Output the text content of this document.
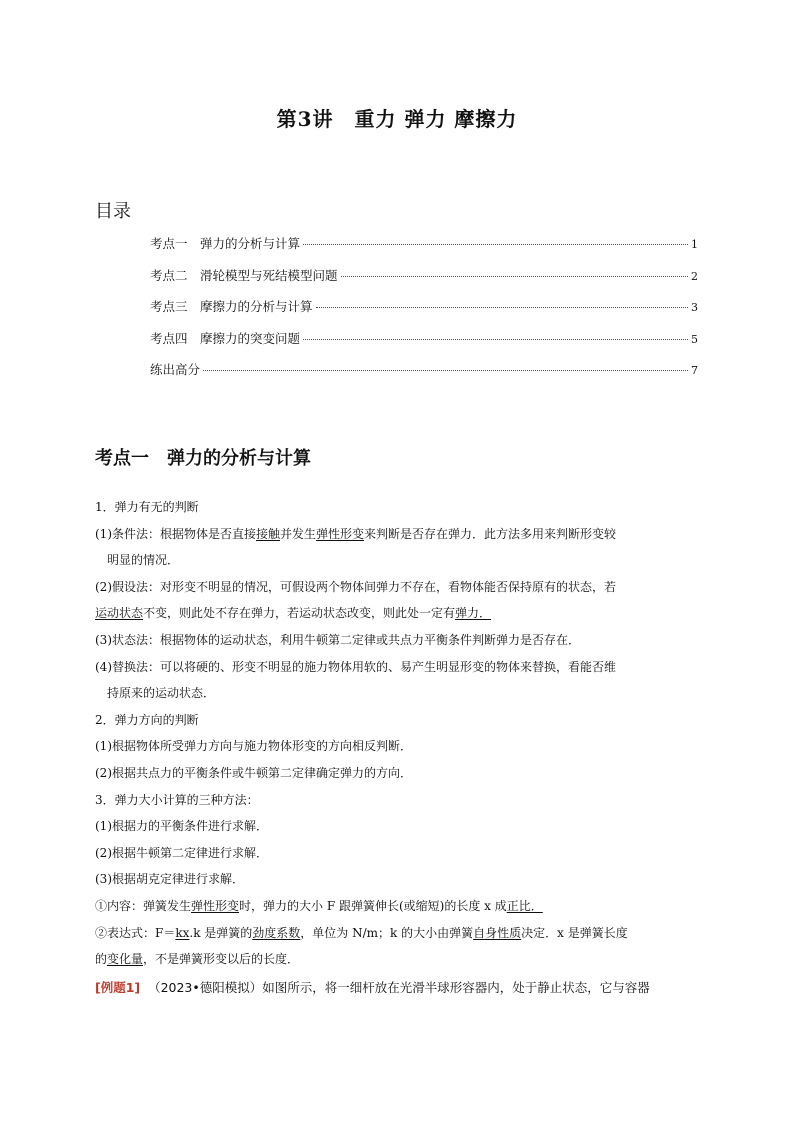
第3讲　重力 弹力 摩擦力
目录
考点一　弹力的分析与计算	1
考点二　滑轮模型与死结模型问题	2
考点三　摩擦力的分析与计算	3
考点四　摩擦力的突变问题	5
练出高分	7
考点一　弹力的分析与计算

1．弹力有无的判断

(1)条件法：根据物体是否直接接触并发生弹性形变来判断是否存在弹力．此方法多用来判断形变较

明显的情况．

(2)假设法：对形变不明显的情况，可假设两个物体间弹力不存在，看物体能否保持原有的状态，若

运动状态不变，则此处不存在弹力，若运动状态改变，则此处一定有弹力．

(3)状态法：根据物体的运动状态，利用牛顿第二定律或共点力平衡条件判断弹力是否存在．

(4)替换法：可以将硬的、形变不明显的施力物体用软的、易产生明显形变的物体来替换，看能否维

持原来的运动状态．

2．弹力方向的判断

(1)根据物体所受弹力方向与施力物体形变的方向相反判断．

(2)根据共点力的平衡条件或牛顿第二定律确定弹力的方向．

3．弹力大小计算的三种方法：

(1)根据力的平衡条件进行求解．

(2)根据牛顿第二定律进行求解．

(3)根据胡克定律进行求解．

①内容：弹簧发生弹性形变时，弹力的大小 F 跟弹簧伸长(或缩短)的长度 x 成正比．

②表达式：F＝kx.k 是弹簧的劲度系数，单位为 N/m；k 的大小由弹簧自身性质决定．x 是弹簧长度

的变化量，不是弹簧形变以后的长度．

[例题1] （2023•德阳模拟）如图所示，将一细杆放在光滑半球形容器内，处于静止状态，它与容器
